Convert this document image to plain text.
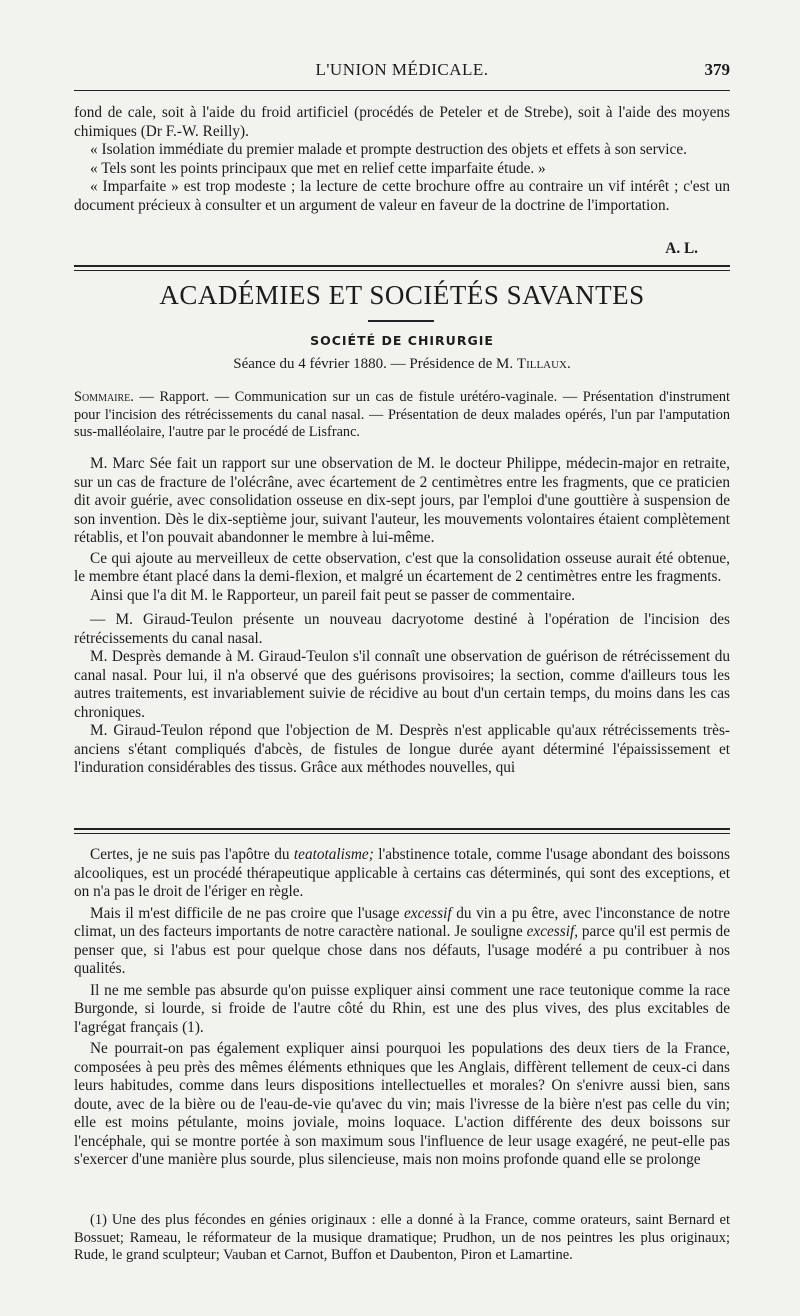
L'UNION MÉDICALE.	379

fond de cale, soit à l'aide du froid artificiel (procédés de Peteler et de Strebe), soit à l'aide des moyens chimiques (Dr F.-W. Reilly).

« Isolation immédiate du premier malade et prompte destruction des objets et effets à son service.

« Tels sont les points principaux que met en relief cette imparfaite étude. »

« Imparfaite » est trop modeste ; la lecture de cette brochure offre au contraire un vif intérêt ; c'est un document précieux à consulter et un argument de valeur en faveur de la doctrine de l'importation.

A. L.
ACADÉMIES ET SOCIÉTÉS SAVANTES
SOCIÉTÉ DE CHIRURGIE
Séance du 4 février 1880. — Présidence de M. Tillaux.

Sommaire. — Rapport. — Communication sur un cas de fistule urétéro-vaginale. — Présentation d'instrument pour l'incision des rétrécissements du canal nasal. — Présentation de deux malades opérés, l'un par l'amputation sus-malléolaire, l'autre par le procédé de Lisfranc.

M. Marc Sée fait un rapport sur une observation de M. le docteur Philippe, médecin-major en retraite, sur un cas de fracture de l'olécrâne, avec écartement de 2 centimètres entre les fragments, que ce praticien dit avoir guérie, avec consolidation osseuse en dix-sept jours, par l'emploi d'une gouttière à suspension de son invention. Dès le dix-septième jour, suivant l'auteur, les mouvements volontaires étaient complètement rétablis, et l'on pouvait abandonner le membre à lui-même.

Ce qui ajoute au merveilleux de cette observation, c'est que la consolidation osseuse aurait été obtenue, le membre étant placé dans la demi-flexion, et malgré un écartement de 2 centimètres entre les fragments.

Ainsi que l'a dit M. le Rapporteur, un pareil fait peut se passer de commentaire.

— M. Giraud-Teulon présente un nouveau dacryotome destiné à l'opération de l'incision des rétrécissements du canal nasal.

M. Desprès demande à M. Giraud-Teulon s'il connaît une observation de guérison de rétrécissement du canal nasal. Pour lui, il n'a observé que des guérisons provisoires; la section, comme d'ailleurs tous les autres traitements, est invariablement suivie de récidive au bout d'un certain temps, du moins dans les cas chroniques.

M. Giraud-Teulon répond que l'objection de M. Desprès n'est applicable qu'aux rétrécissements très-anciens s'étant compliqués d'abcès, de fistules de longue durée ayant déterminé l'épaississement et l'induration considérables des tissus. Grâce aux méthodes nouvelles, qui

Certes, je ne suis pas l'apôtre du teatotalisme; l'abstinence totale, comme l'usage abondant des boissons alcooliques, est un procédé thérapeutique applicable à certains cas déterminés, qui sont des exceptions, et on n'a pas le droit de l'ériger en règle.

Mais il m'est difficile de ne pas croire que l'usage excessif du vin a pu être, avec l'inconstance de notre climat, un des facteurs importants de notre caractère national. Je souligne excessif, parce qu'il est permis de penser que, si l'abus est pour quelque chose dans nos défauts, l'usage modéré a pu contribuer à nos qualités.

Il ne me semble pas absurde qu'on puisse expliquer ainsi comment une race teutonique comme la race Burgonde, si lourde, si froide de l'autre côté du Rhin, est une des plus vives, des plus excitables de l'agrégat français (1).

Ne pourrait-on pas également expliquer ainsi pourquoi les populations des deux tiers de la France, composées à peu près des mêmes éléments ethniques que les Anglais, diffèrent tellement de ceux-ci dans leurs habitudes, comme dans leurs dispositions intellectuelles et morales? On s'enivre aussi bien, sans doute, avec de la bière ou de l'eau-de-vie qu'avec du vin; mais l'ivresse de la bière n'est pas celle du vin; elle est moins pétulante, moins joviale, moins loquace. L'action différente des deux boissons sur l'encéphale, qui se montre portée à son maximum sous l'influence de leur usage exagéré, ne peut-elle pas s'exercer d'une manière plus sourde, plus silencieuse, mais non moins profonde quand elle se prolonge

(1) Une des plus fécondes en génies originaux : elle a donné à la France, comme orateurs, saint Bernard et Bossuet; Rameau, le réformateur de la musique dramatique; Prudhon, un de nos peintres les plus originaux; Rude, le grand sculpteur; Vauban et Carnot, Buffon et Daubenton, Piron et Lamartine.
